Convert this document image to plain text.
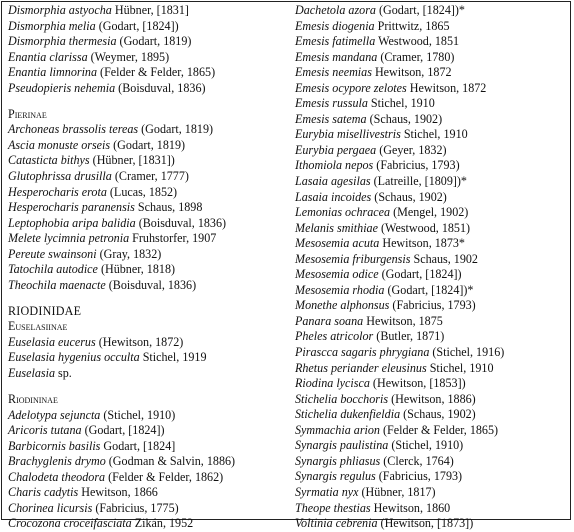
Dismorphia astyocha Hübner, [1831]
Dismorphia melia (Godart, [1824])
Dismorphia thermesia (Godart, 1819)
Enantia clarissa (Weymer, 1895)
Enantia limnorina (Felder & Felder, 1865)
Pseudopieris nehemia (Boisduval, 1836)
Pierinae
Archoneas brassolis tereas (Godart, 1819)
Ascia monuste orseis (Godart, 1819)
Catasticta bithys (Hübner, [1831])
Glutophrissa drusilla (Cramer, 1777)
Hesperocharis erota (Lucas, 1852)
Hesperocharis paranensis Schaus, 1898
Leptophobia aripa balidia (Boisduval, 1836)
Melete lycimnia petronia Fruhstorfer, 1907
Pereute swainsoni (Gray, 1832)
Tatochila autodice (Hübner, 1818)
Theochila maenacte (Boisduval, 1836)
RIODINIDAE
Euselasiinae
Euselasia eucerus (Hewitson, 1872)
Euselasia hygenius occulta Stichel, 1919
Euselasia sp.
Riodininae
Adelotypa sejuncta (Stichel, 1910)
Aricoris tutana (Godart, [1824])
Barbicornis basilis Godart, [1824]
Brachyglenis drymo (Godman & Salvin, 1886)
Chalodeta theodora (Felder & Felder, 1862)
Charis cadytis Hewitson, 1866
Chorinea licursis (Fabricius, 1775)
Crocozona croceifasciata Zikán, 1952
Dachetola azora (Godart, [1824])*
Emesis diogenia Prittwitz, 1865
Emesis fatimella Westwood, 1851
Emesis mandana (Cramer, 1780)
Emesis neemias Hewitson, 1872
Emesis ocypore zelotes Hewitson, 1872
Emesis russula Stichel, 1910
Emesis satema (Schaus, 1902)
Eurybia misellivestris Stichel, 1910
Eurybia pergaea (Geyer, 1832)
Ithomiola nepos (Fabricius, 1793)
Lasaia agesilas (Latreille, [1809])*
Lasaia incoides (Schaus, 1902)
Lemonias ochracea (Mengel, 1902)
Melanis smithiae (Westwood, 1851)
Mesosemia acuta Hewitson, 1873*
Mesosemia friburgensis Schaus, 1902
Mesosemia odice (Godart, [1824])
Mesosemia rhodia (Godart, [1824])*
Monethe alphonsus (Fabricius, 1793)
Panara soana Hewitson, 1875
Pheles atricolor (Butler, 1871)
Pirascca sagaris phrygiana (Stichel, 1916)
Rhetus periander eleusinus Stichel, 1910
Riodina lycisca (Hewitson, [1853])
Stichelia bocchoris (Hewitson, 1886)
Stichelia dukenfieldia (Schaus, 1902)
Symmachia arion (Felder & Felder, 1865)
Synargis paulistina (Stichel, 1910)
Synargis phliasus (Clerck, 1764)
Synargis regulus (Fabricius, 1793)
Syrmatia nyx (Hübner, 1817)
Theope thestias Hewitson, 1860
Voltinia cebrenia (Hewitson, [1873])
